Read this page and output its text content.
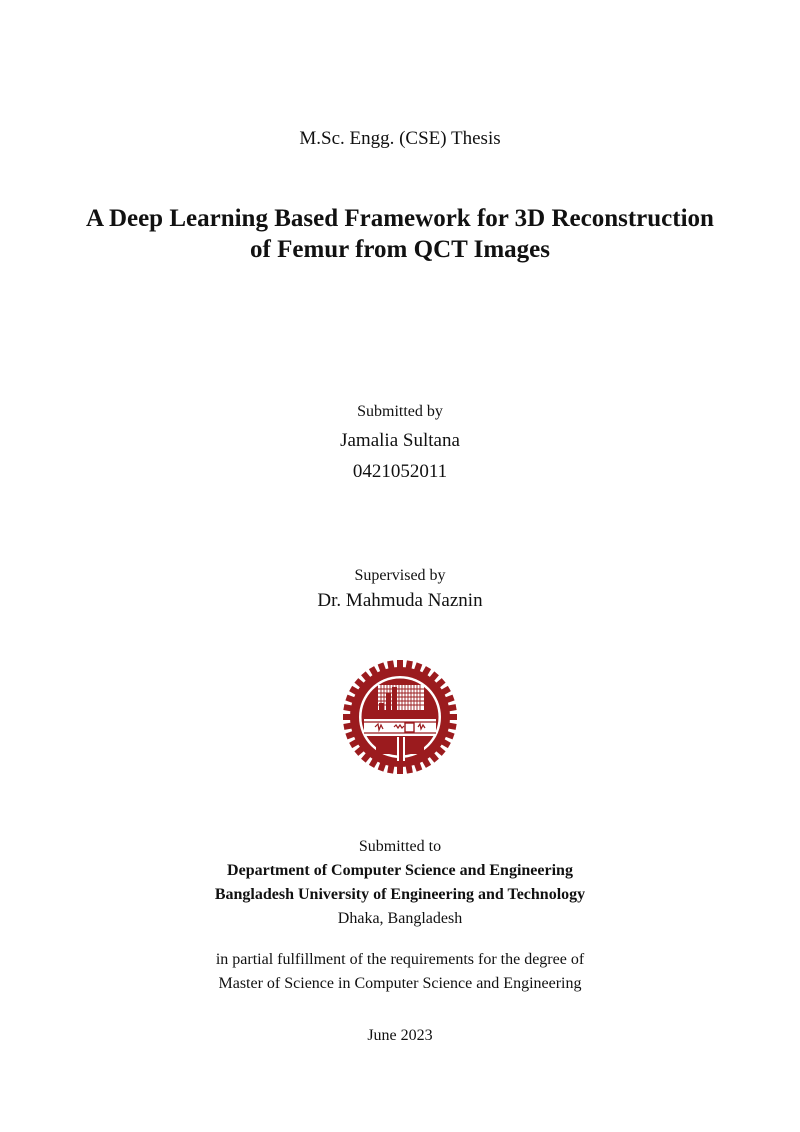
M.Sc. Engg. (CSE) Thesis
A Deep Learning Based Framework for 3D Reconstruction
of Femur from QCT Images
Submitted by
Jamalia Sultana
0421052011
Supervised by
Dr. Mahmuda Naznin
Submitted to
Department of Computer Science and Engineering
Bangladesh University of Engineering and Technology
Dhaka, Bangladesh
in partial fulfillment of the requirements for the degree of
Master of Science in Computer Science and Engineering
June 2023
